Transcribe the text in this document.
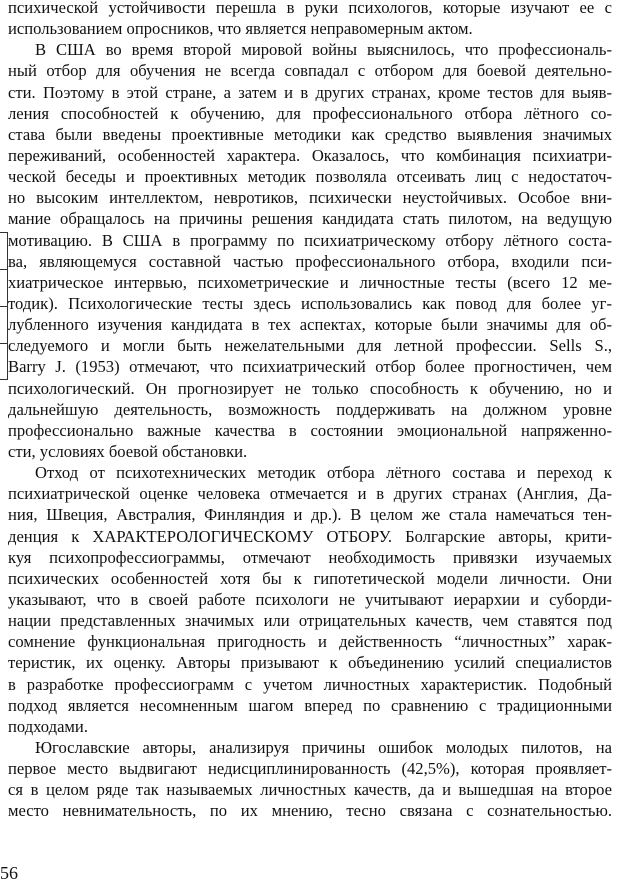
психической устойчивости перешла в руки психологов, которые изучают ее с
использованием опросников, что является неправомерным актом.
В США во время второй мировой войны выяснилось, что профессиональ-
ный отбор для обучения не всегда совпадал с отбором для боевой деятельно-
сти. Поэтому в этой стране, а затем и в других странах, кроме тестов для выяв-
ления способностей к обучению, для профессионального отбора лётного со-
става были введены проективные методики как средство выявления значимых
переживаний, особенностей характера. Оказалось, что комбинация психиатри-
ческой беседы и проективных методик позволяла отсеивать лиц с недостаточ-
но высоким интеллектом, невротиков, психически неустойчивых. Особое вни-
мание обращалось на причины решения кандидата стать пилотом, на ведущую
мотивацию. В США в программу по психиатрическому отбору лётного соста-
ва, являющемуся составной частью профессионального отбора, входили пси-
хиатрическое интервью, психометрические и личностные тесты (всего 12 ме-
тодик). Психологические тесты здесь использовались как повод для более уг-
лубленного изучения кандидата в тех аспектах, которые были значимы для об-
следуемого и могли быть нежелательными для летной профессии. Sells S.,
Barry J. (1953) отмечают, что психиатрический отбор более прогностичен, чем
психологический. Он прогнозирует не только способность к обучению, но и
дальнейшую деятельность, возможность поддерживать на должном уровне
профессионально важные качества в состоянии эмоциональной напряженно-
сти, условиях боевой обстановки.
Отход от психотехнических методик отбора лётного состава и переход к
психиатрической оценке человека отмечается и в других странах (Англия, Да-
ния, Швеция, Австралия, Финляндия и др.). В целом же стала намечаться тен-
денция к ХАРАКТЕРОЛОГИЧЕСКОМУ ОТБОРУ. Болгарские авторы, крити-
куя психопрофессиограммы, отмечают необходимость привязки изучаемых
психических особенностей хотя бы к гипотетической модели личности. Они
указывают, что в своей работе психологи не учитывают иерархии и суборди-
нации представленных значимых или отрицательных качеств, чем ставятся под
сомнение функциональная пригодность и действенность “личностных” харак-
теристик, их оценку. Авторы призывают к объединению усилий специалистов
в разработке профессиограмм с учетом личностных характеристик. Подобный
подход является несомненным шагом вперед по сравнению с традиционными
подходами.
Югославские авторы, анализируя причины ошибок молодых пилотов, на
первое место выдвигают недисциплинированность (42,5%), которая проявляет-
ся в целом ряде так называемых личностных качеств, да и вышедшая на второе
место невнимательность, по их мнению, тесно связана с сознательностью.
56
